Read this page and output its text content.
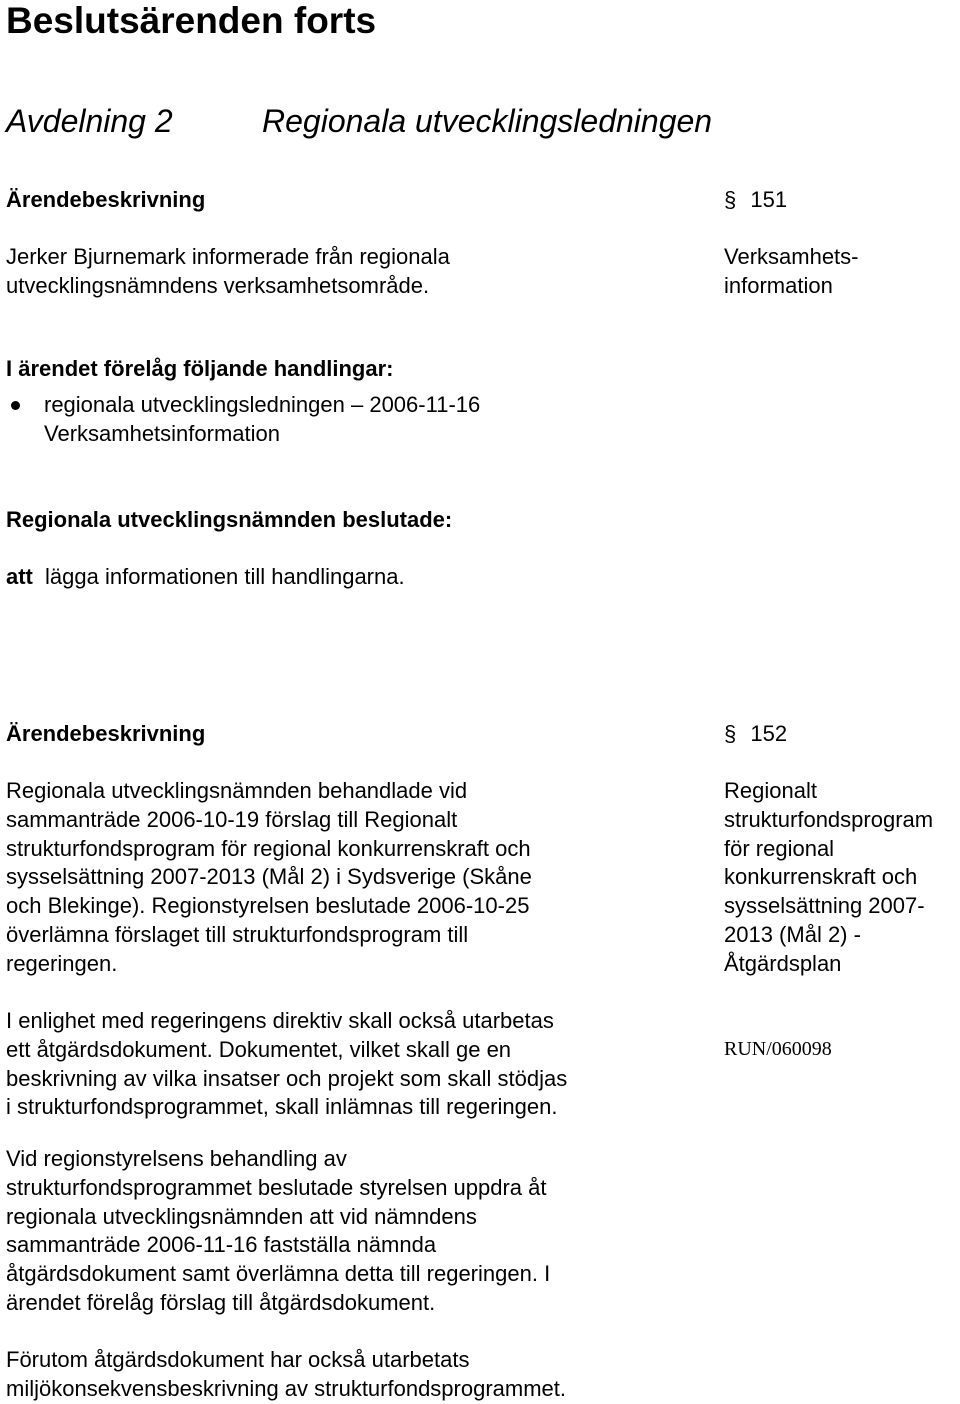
Beslutsärenden forts
Avdelning 2	Regionala utvecklingsledningen
Ärendebeskrivning	§ 151

Jerker Bjurnemark informerade från regionala utvecklingsnämndens verksamhetsområde.

Verksamhets-

information

I ärendet förelåg följande handlingar:
regionala utvecklingsledningen – 2006-11-16
Verksamhetsinformation
Regionala utvecklingsnämnden beslutade:
att lägga informationen till handlingarna.
Ärendebeskrivning	§ 152

Regionalt

strukturfondsprogram

för regional

konkurrenskraft och

sysselsättning 2007-

2013 (Mål 2) -

Åtgärdsplan

RUN/060098

Regionala utvecklingsnämnden behandlade vid

sammanträde 2006-10-19 förslag till Regionalt

strukturfondsprogram för regional konkurrenskraft och

sysselsättning 2007-2013 (Mål 2) i Sydsverige (Skåne

och Blekinge). Regionstyrelsen beslutade 2006-10-25

överlämna förslaget till strukturfondsprogram till

regeringen.

I enlighet med regeringens direktiv skall också utarbetas

ett åtgärdsdokument. Dokumentet, vilket skall ge en

beskrivning av vilka insatser och projekt som skall stödjas

i strukturfondsprogrammet, skall inlämnas till regeringen.

Vid regionstyrelsens behandling av

strukturfondsprogrammet beslutade styrelsen uppdra åt

regionala utvecklingsnämnden att vid nämndens

sammanträde 2006-11-16 fastställa nämnda

åtgärdsdokument samt överlämna detta till regeringen. I

ärendet förelåg förslag till åtgärdsdokument.

Förutom åtgärdsdokument har också utarbetats

miljökonsekvensbeskrivning av strukturfondsprogrammet.
